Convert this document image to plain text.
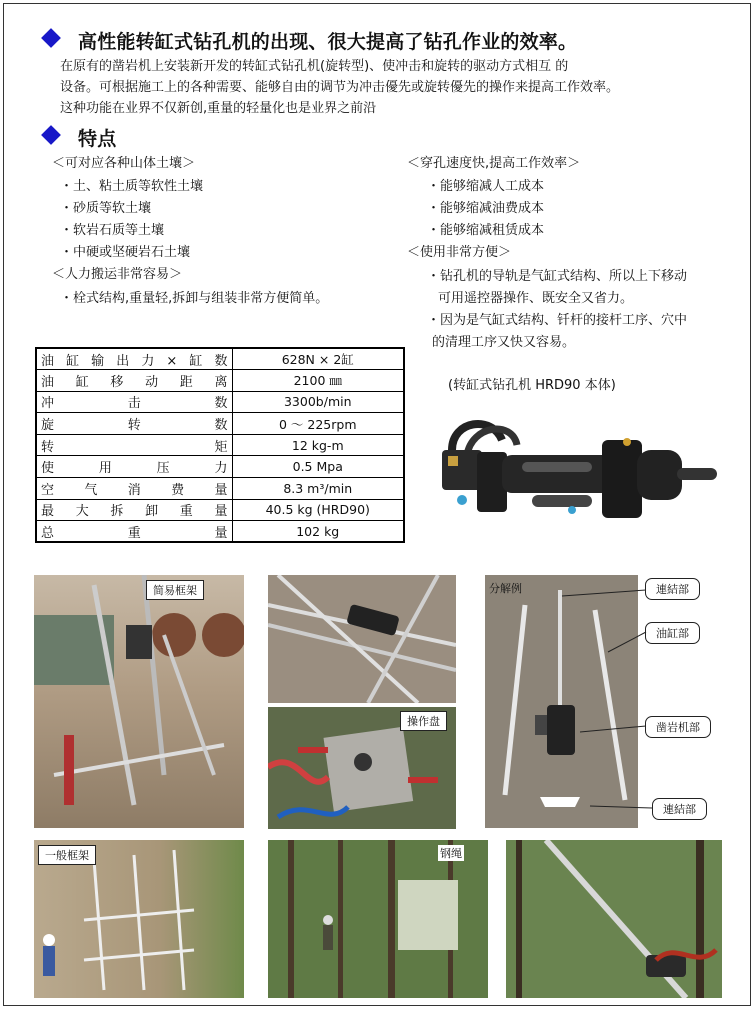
高性能转缸式钻孔机的出现、很大提高了钻孔作业的效率。
在原有的凿岩机上安装新开发的转缸式钻孔机(旋转型)、使冲击和旋转的驱动方式相互 的
设备。可根据施工上的各种需要、能够自由的调节为冲击優先或旋转優先的操作来提高工作效率。
这种功能在业界不仅新创,重量的轻量化也是业界之前沿
特点
＜可对应各种山体土壤＞
・土、粘土质等软性土壤
・砂质等软土壤
・软岩石质等土壤
・中硬或坚硬岩石土壤
＜人力搬运非常容易＞
・栓式结构,重量轻,拆卸与组装非常方便简单。
＜穿孔速度快,提高工作效率＞
・能够缩减人工成本
・能够缩减油费成本
・能够缩减租赁成本
＜使用非常方便＞
・钻孔机的导轨是气缸式结构、所以上下移动
可用遥控器操作、既安全又省力。
・因为是气缸式结构、钎杆的接杆工序、穴中
的清理工序又快又容易。
油缸输出力×缸数	628N × 2缸
油缸移动距离	2100 ㎜
冲击数	3300b/min
旋转数	0 ～ 225rpm
转矩	12 kg-m
使用压力	0.5 Mpa
空气消费量	8.3 m³/min
最大拆卸重量	40.5 kg (HRD90)
总重量	102 kg
(转缸式钻孔机 HRD90 本体)
简易框架
操作盘
分解例	連結部
油缸部
凿岩机部
連結部
一般框架	钢绳
